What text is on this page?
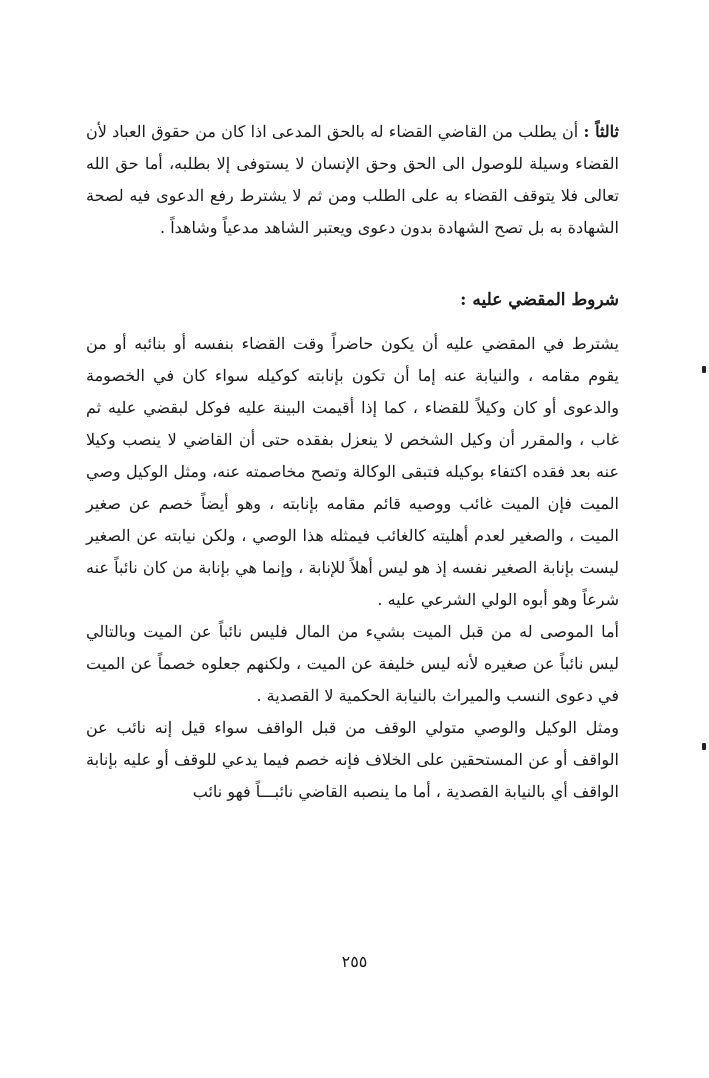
ثالثاً : أن يطلب من القاضي القضاء له بالحق المدعى اذا كان من حقوق العباد لأن القضاء وسيلة للوصول الى الحق وحق الإنسان لا يستوفى إلا بطلبه، أما حق الله تعالى فلا يتوقف القضاء به على الطلب ومن ثم لا يشترط رفع الدعوى فيه لصحة الشهادة به بل تصح الشهادة بدون دعوى ويعتبر الشاهد مدعياً وشاهداً .

شروط المقضي عليه :

يشترط في المقضي عليه أن يكون حاضراً وقت القضاء بنفسه أو بنائبه أو من يقوم مقامه ، والنيابة عنه إما أن تكون بإنابته كوكيله سواء كان في الخصومة والدعوى أو كان وكيلاً للقضاء ، كما إذا أقيمت البينة عليه فوكل لبقضي عليه ثم غاب ، والمقرر أن وكيل الشخص لا ينعزل بفقده حتى أن القاضي لا ينصب وكيلا عنه بعد فقده اكتفاء بوكيله فتبقى الوكالة وتصح مخاصمته عنه، ومثل الوكيل وصي الميت فإن الميت غائب ووصيه قائم مقامه بإنابته ، وهو أيضاً خصم عن صغير الميت ، والصغير لعدم أهليته كالغائب فيمثله هذا الوصي ، ولكن نيابته عن الصغير ليست بإنابة الصغير نفسه إذ هو ليس أهلاً للإنابة ، وإنما هي بإنابة من كان نائباً عنه شرعاً وهو أبوه الولي الشرعي عليه .

أما الموصى له من قبل الميت بشيء من المال فليس نائباً عن الميت وبالتالي ليس نائباً عن صغيره لأنه ليس خليفة عن الميت ، ولكنهم جعلوه خصماً عن الميت في دعوى النسب والميراث بالنيابة الحكمية لا القصدية .

ومثل الوكيل والوصي متولي الوقف من قبل الواقف سواء قيل إنه نائب عن الواقف أو عن المستحقين على الخلاف فإنه خصم فيما يدعي للوقف أو عليه بإنابة الواقف أي بالنيابة القصدية ، أما ما ينصبه القاضي نائبـــاً فهو نائب

٢٥٥
